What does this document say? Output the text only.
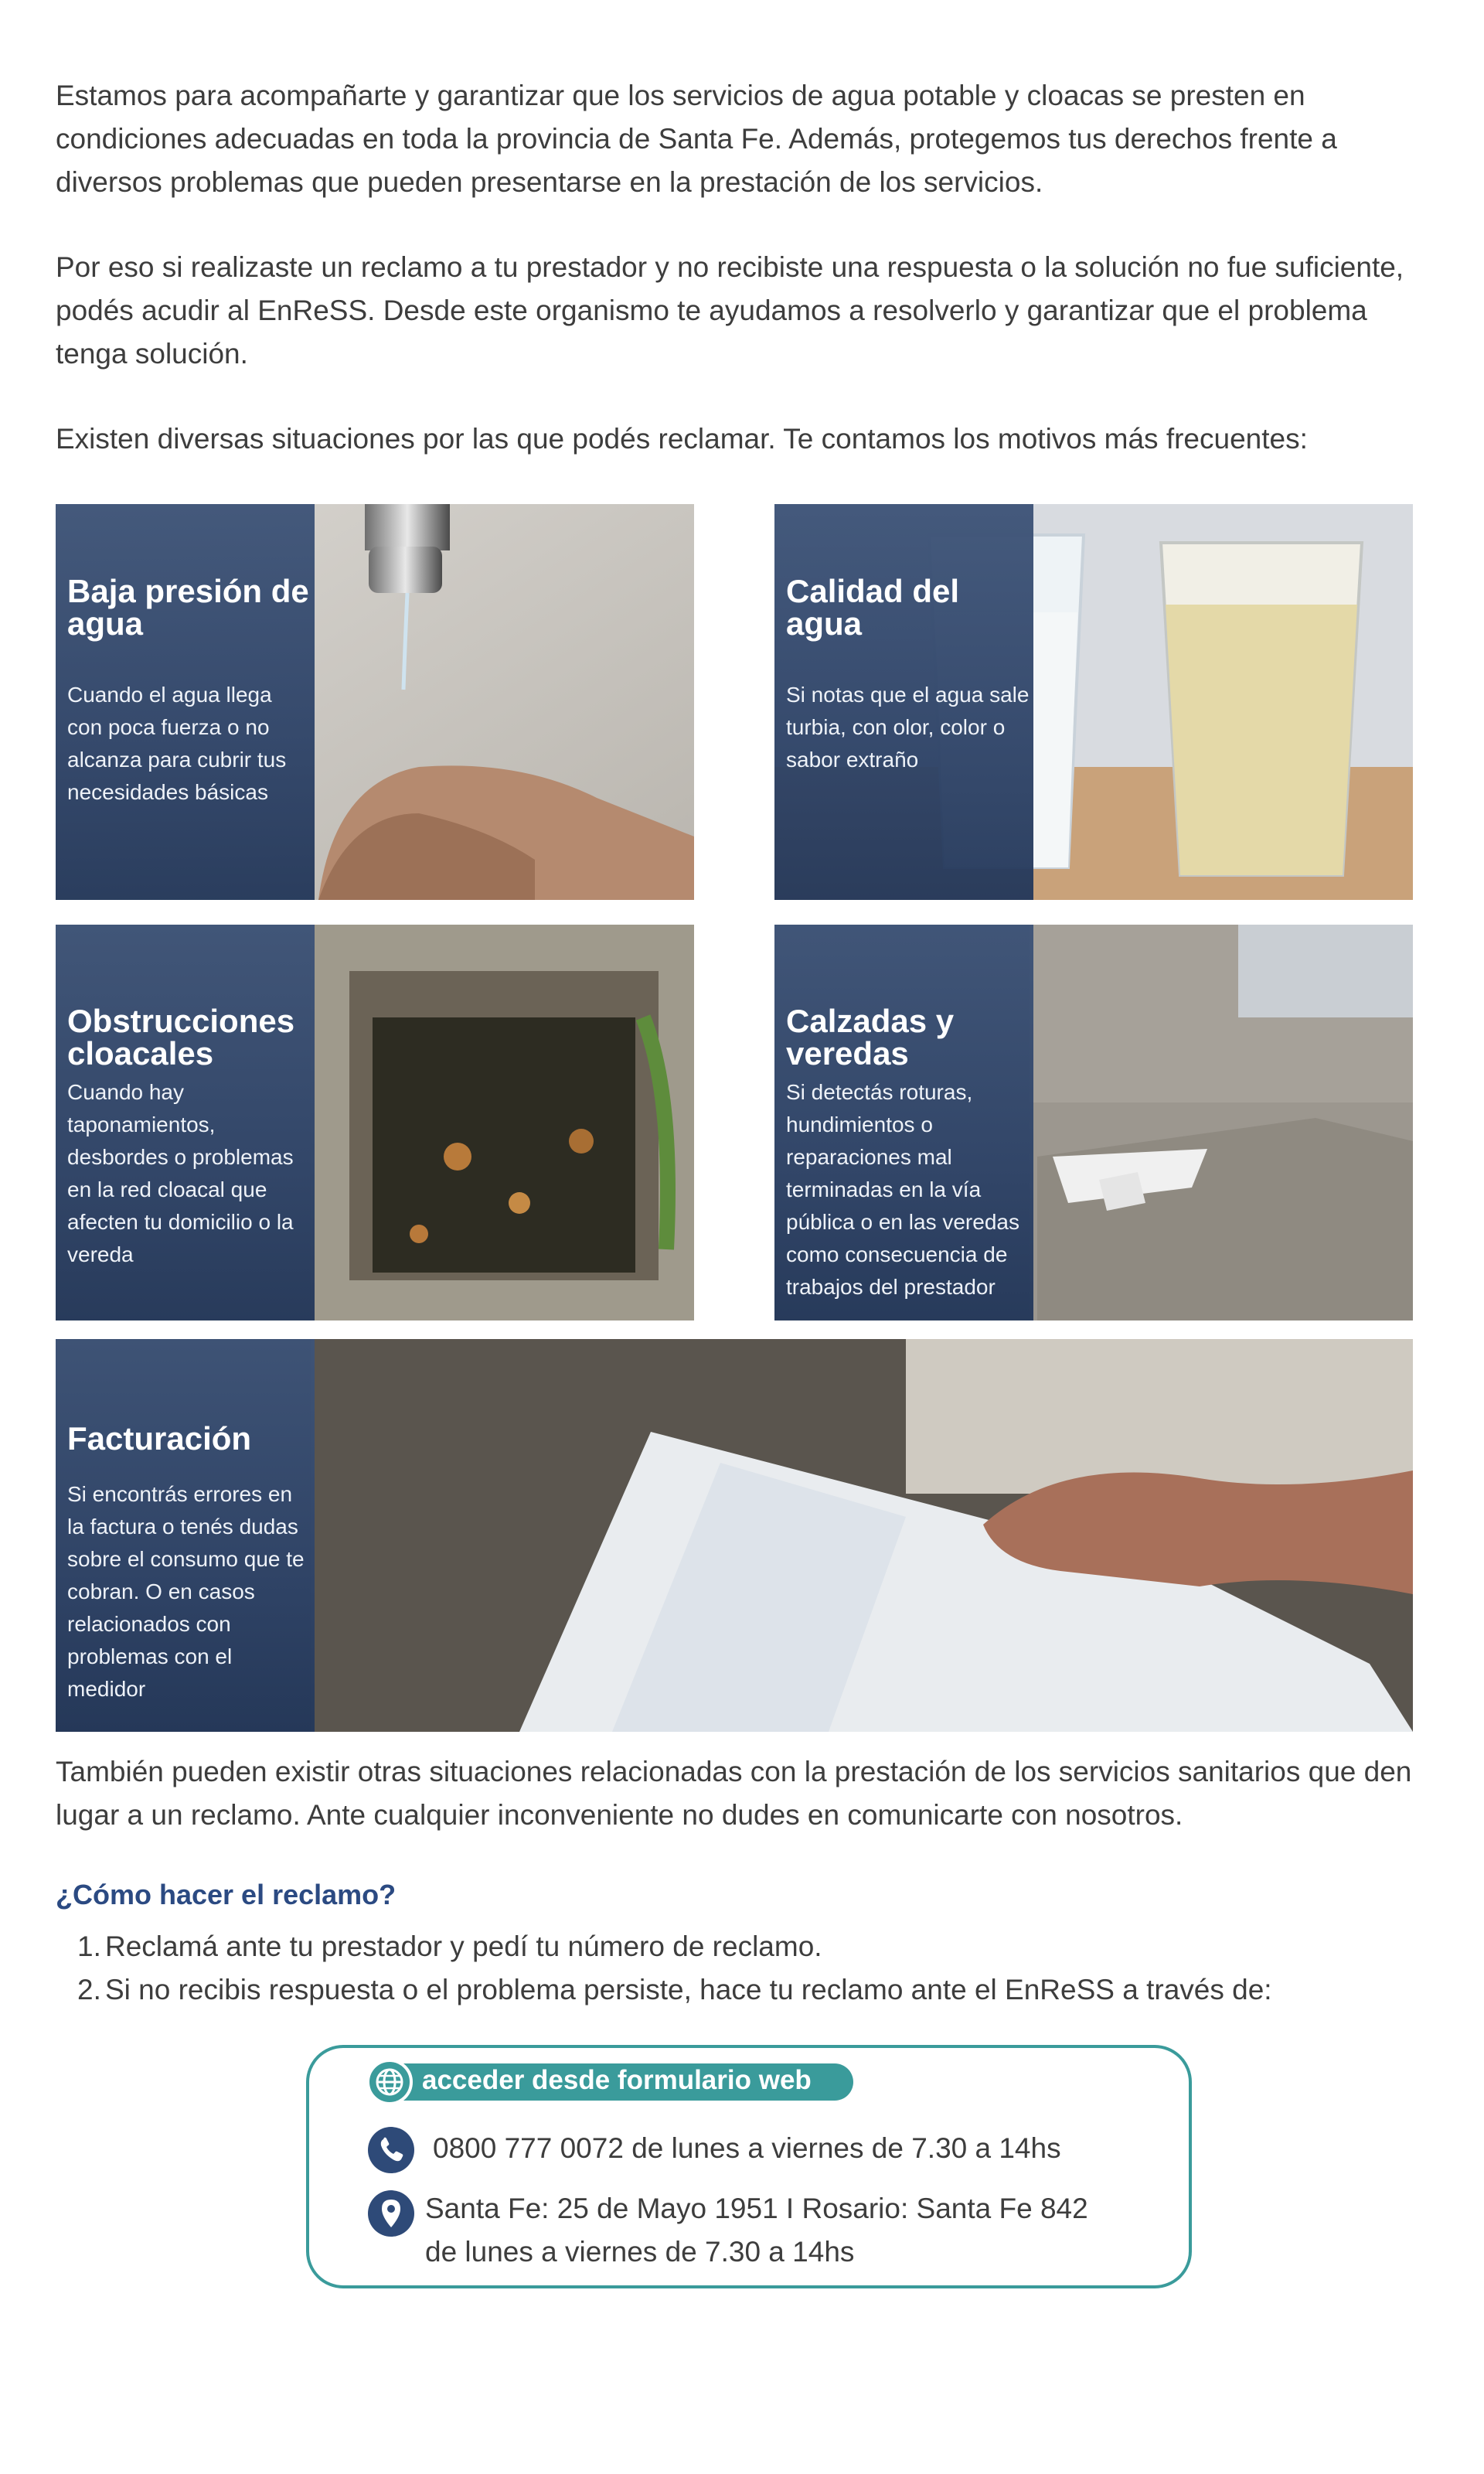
Estamos para acompañarte y garantizar que los servicios de agua potable y cloacas se presten en condiciones adecuadas en toda la provincia de Santa Fe. Además, protegemos tus derechos frente a diversos problemas que pueden presentarse en la prestación de los servicios.

Por eso si realizaste un reclamo a tu prestador y no recibiste una respuesta o la solución no fue suficiente, podés acudir al EnReSS. Desde este organismo te ayudamos a resolverlo y garantizar que el problema tenga solución.

Existen diversas situaciones por las que podés reclamar. Te contamos los motivos más frecuentes:

Baja presión de agua

Cuando el agua llega con poca fuerza o no alcanza para cubrir tus necesidades básicas

Calidad del agua

Si notas que el agua sale turbia, con olor, color o sabor extraño

Obstrucciones cloacales

Cuando hay taponamientos, desbordes o problemas en la red cloacal que afecten tu domicilio o la vereda

Calzadas y veredas

Si detectás roturas, hundimientos o reparaciones mal terminadas en la vía pública o en las veredas como consecuencia de trabajos del prestador

Facturación

Si encontrás errores en la factura o tenés dudas sobre el consumo que te cobran. O en casos relacionados con problemas con el medidor

También pueden existir otras situaciones relacionadas con la prestación de los servicios sanitarios que den lugar a un reclamo. Ante cualquier inconveniente no dudes en comunicarte con nosotros.

¿Cómo hacer el reclamo?
1. Reclamá ante tu prestador y pedí tu número de reclamo.
2. Si no recibis respuesta o el problema persiste, hace tu reclamo ante el EnReSS a través de:
acceder desde formulario web

0800 777 0072 de lunes a viernes de 7.30 a 14hs

Santa Fe: 25 de Mayo 1951 I Rosario: Santa Fe 842

de lunes a viernes de 7.30 a 14hs
